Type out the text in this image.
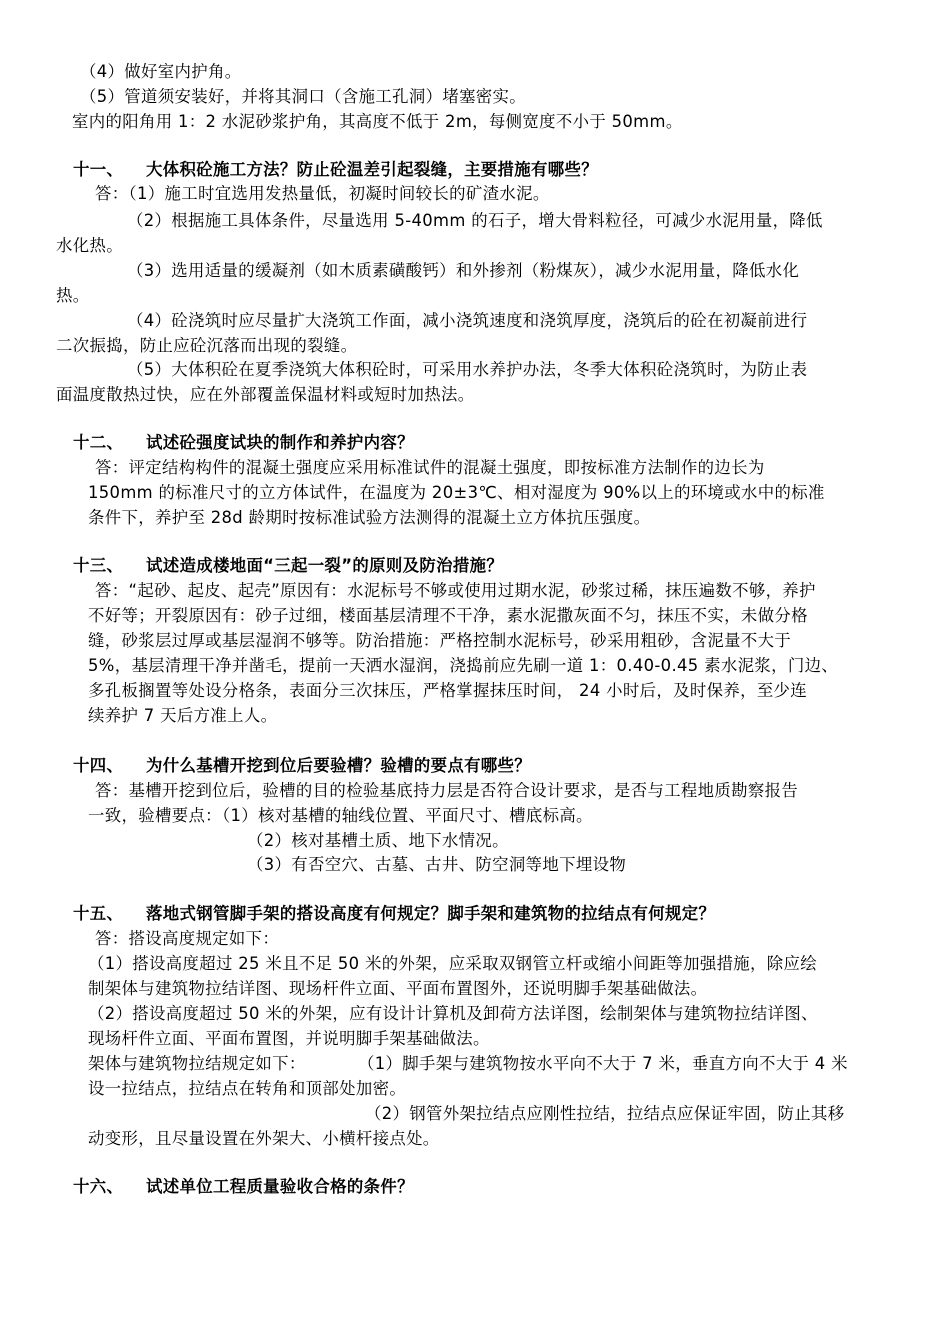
（4）做好室内护角。
（5）管道须安装好，并将其洞口（含施工孔洞）堵塞密实。
室内的阳角用 1：2 水泥砂浆护角，其高度不低于 2m，每侧宽度不小于 50mm。
十一、 大体积砼施工方法？防止砼温差引起裂缝，主要措施有哪些？
答：（1）施工时宜选用发热量低，初凝时间较长的矿渣水泥。
（2）根据施工具体条件，尽量选用 5-40mm 的石子，增大骨料粒径，可减少水泥用量，降低
水化热。
（3）选用适量的缓凝剂（如木质素磺酸钙）和外掺剂（粉煤灰），减少水泥用量，降低水化
热。
（4）砼浇筑时应尽量扩大浇筑工作面，减小浇筑速度和浇筑厚度，浇筑后的砼在初凝前进行
二次振捣，防止应砼沉落而出现的裂缝。
（5）大体积砼在夏季浇筑大体积砼时，可采用水养护办法，冬季大体积砼浇筑时，为防止表
面温度散热过快，应在外部覆盖保温材料或短时加热法。
十二、 试述砼强度试块的制作和养护内容？
答：评定结构构件的混凝土强度应采用标准试件的混凝土强度，即按标准方法制作的边长为
150mm 的标准尺寸的立方体试件，在温度为 20±3℃、相对湿度为 90%以上的环境或水中的标准
条件下，养护至 28d 龄期时按标准试验方法测得的混凝土立方体抗压强度。
十三、 试述造成楼地面“三起一裂”的原则及防治措施？
答：“起砂、起皮、起壳”原因有：水泥标号不够或使用过期水泥，砂浆过稀，抹压遍数不够，养护
不好等；开裂原因有：砂子过细，楼面基层清理不干净，素水泥撒灰面不匀，抹压不实，未做分格
缝，砂浆层过厚或基层湿润不够等。防治措施：严格控制水泥标号，砂采用粗砂，含泥量不大于
5%，基层清理干净并凿毛，提前一天洒水湿润，浇捣前应先刷一道 1：0.40-0.45 素水泥浆，门边、
多孔板搁置等处设分格条，表面分三次抹压，严格掌握抹压时间， 24 小时后，及时保养，至少连
续养护 7 天后方准上人。
十四、 为什么基槽开挖到位后要验槽？验槽的要点有哪些？
答：基槽开挖到位后，验槽的目的检验基底持力层是否符合设计要求，是否与工程地质勘察报告
一致，验槽要点：（1）核对基槽的轴线位置、平面尺寸、槽底标高。
（2）核对基槽土质、地下水情况。
（3）有否空穴、古墓、古井、防空洞等地下埋设物
十五、 落地式钢管脚手架的搭设高度有何规定？脚手架和建筑物的拉结点有何规定？
答：搭设高度规定如下：
（1）搭设高度超过 25 米且不足 50 米的外架，应采取双钢管立杆或缩小间距等加强措施，除应绘
制架体与建筑物拉结详图、现场杆件立面、平面布置图外，还说明脚手架基础做法。
（2）搭设高度超过 50 米的外架，应有设计计算机及卸荷方法详图，绘制架体与建筑物拉结详图、
现场杆件立面、平面布置图，并说明脚手架基础做法。
架体与建筑物拉结规定如下：	（1）脚手架与建筑物按水平向不大于 7 米，垂直方向不大于 4 米
设一拉结点，拉结点在转角和顶部处加密。
（2）钢管外架拉结点应刚性拉结，拉结点应保证牢固，防止其移
动变形，且尽量设置在外架大、小横杆接点处。
十六、 试述单位工程质量验收合格的条件？
